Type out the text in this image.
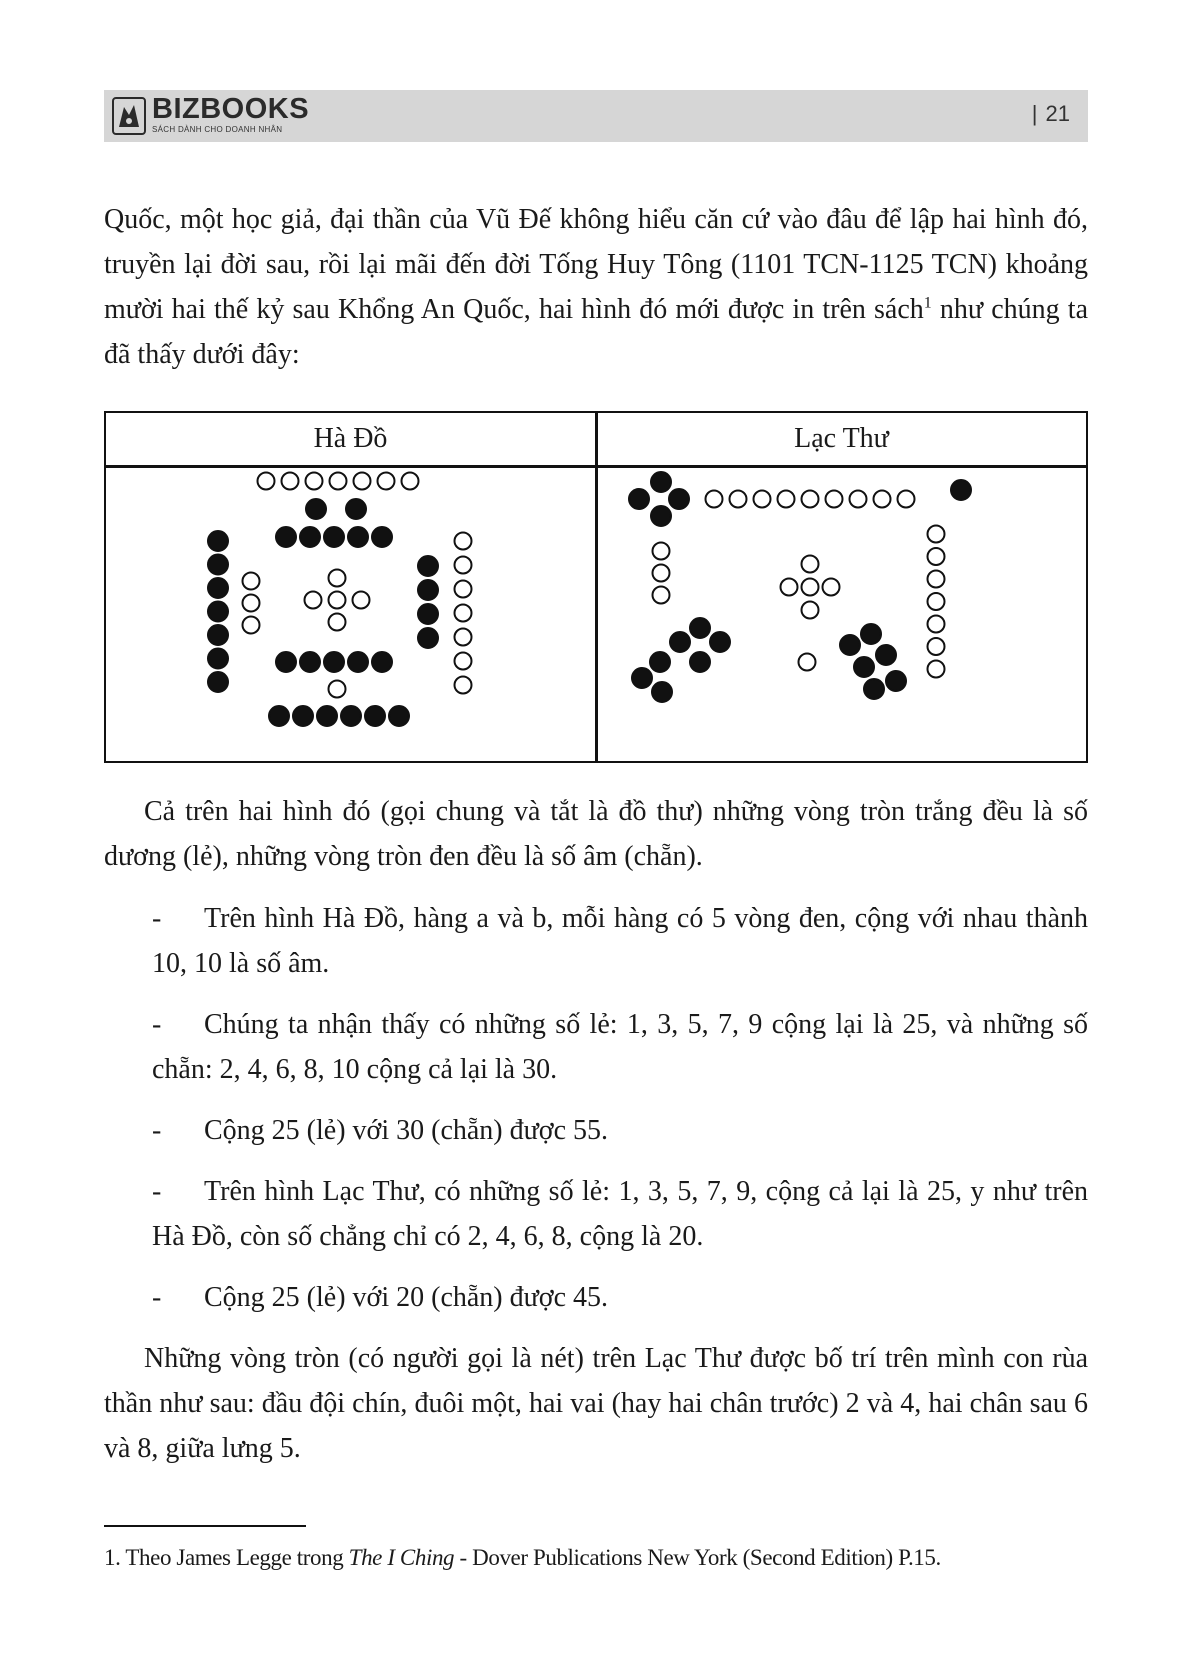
BIZBOOKS
SÁCH DÀNH CHO DOANH NHÂN
| 21

Quốc, một học giả, đại thần của Vũ Đế không hiểu căn cứ vào đâu để lập hai hình đó, truyền lại đời sau, rồi lại mãi đến đời Tống Huy Tông (1101 TCN-1125 TCN) khoảng mười hai thế kỷ sau Khổng An Quốc, hai hình đó mới được in trên sách$^1$ như chúng ta đã thấy dưới đây:

Hà Đồ	Lạc Thư

Cả trên hai hình đó (gọi chung và tắt là đồ thư) những vòng tròn trắng đều là số dương (lẻ), những vòng tròn đen đều là số âm (chẵn).

-	Trên hình Hà Đồ, hàng a và b, mỗi hàng có 5 vòng đen, cộng với nhau thành 10, 10 là số âm.
-	Chúng ta nhận thấy có những số lẻ: 1, 3, 5, 7, 9 cộng lại là 25, và những số chẵn: 2, 4, 6, 8, 10 cộng cả lại là 30.
-	Cộng 25 (lẻ) với 30 (chẵn) được 55.
-	Trên hình Lạc Thư, có những số lẻ: 1, 3, 5, 7, 9, cộng cả lại là 25, y như trên Hà Đồ, còn số chẳng chỉ có 2, 4, 6, 8, cộng là 20.
-	Cộng 25 (lẻ) với 20 (chẵn) được 45.

Những vòng tròn (có người gọi là nét) trên Lạc Thư được bố trí trên mình con rùa thần như sau: đầu đội chín, đuôi một, hai vai (hay hai chân trước) 2 và 4, hai chân sau 6 và 8, giữa lưng 5.

1. Theo James Legge trong The I Ching - Dover Publications New York (Second Edition) P.15.
